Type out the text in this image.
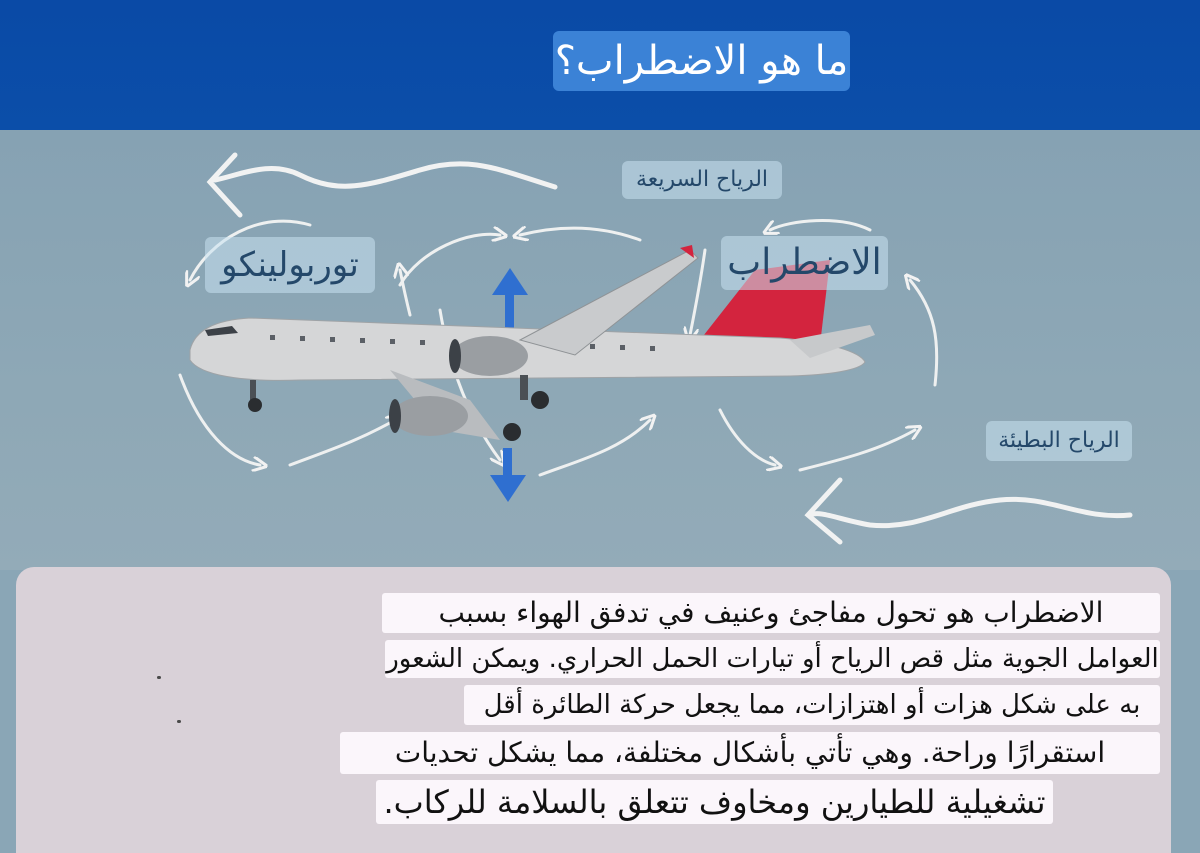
ما هو الاضطراب؟
الرياح السريعة
الاضطراب
توربولينكو
الرياح البطيئة
الاضطراب هو تحول مفاجئ وعنيف في تدفق الهواء بسبب
العوامل الجوية مثل قص الرياح أو تيارات الحمل الحراري. ويمكن الشعور
به على شكل هزات أو اهتزازات، مما يجعل حركة الطائرة أقل
استقرارًا وراحة. وهي تأتي بأشكال مختلفة، مما يشكل تحديات
تشغيلية للطيارين ومخاوف تتعلق بالسلامة للركاب.
